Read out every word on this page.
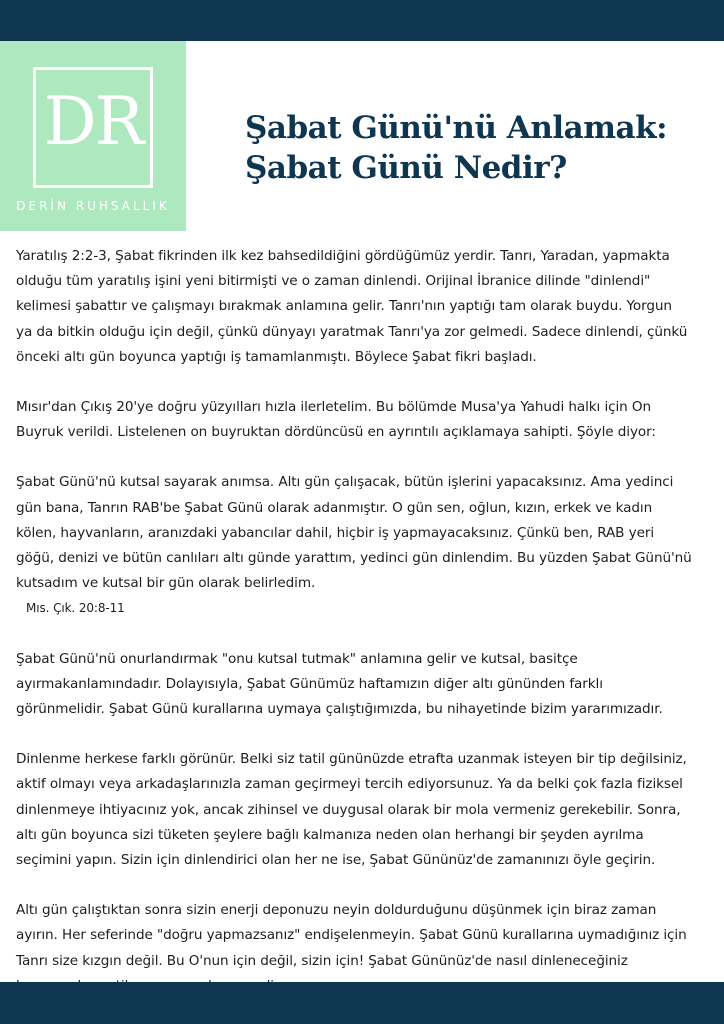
DR
DERİN RUHSALLIK
Şabat Günü'nü Anlamak:
Şabat Günü Nedir?

Yaratılış 2:2-3, Şabat fikrinden ilk kez bahsedildiğini gördüğümüz yerdir. Tanrı, Yaradan, yapmakta
olduğu tüm yaratılış işini yeni bitirmişti ve o zaman dinlendi. Orijinal İbranice dilinde "dinlendi"
kelimesi şabattır ve çalışmayı bırakmak anlamına gelir. Tanrı'nın yaptığı tam olarak buydu. Yorgun
ya da bitkin olduğu için değil, çünkü dünyayı yaratmak Tanrı'ya zor gelmedi. Sadece dinlendi, çünkü
önceki altı gün boyunca yaptığı iş tamamlanmıştı. Böylece Şabat fikri başladı.

Mısır'dan Çıkış 20'ye doğru yüzyılları hızla ilerletelim. Bu bölümde Musa'ya Yahudi halkı için On
Buyruk verildi. Listelenen on buyruktan dördüncüsü en ayrıntılı açıklamaya sahipti. Şöyle diyor:

Şabat Günü'nü kutsal sayarak anımsa. Altı gün çalışacak, bütün işlerini yapacaksınız. Ama yedinci
gün bana, Tanrın RAB'be Şabat Günü olarak adanmıştır. O gün sen, oğlun, kızın, erkek ve kadın
kölen, hayvanların, aranızdaki yabancılar dahil, hiçbir iş yapmayacaksınız. Çünkü ben, RAB yeri
göğü, denizi ve bütün canlıları altı günde yarattım, yedinci gün dinlendim. Bu yüzden Şabat Günü'nü
kutsadım ve kutsal bir gün olarak belirledim.
Mıs. Çık. 20:8-11

Şabat Günü'nü onurlandırmak "onu kutsal tutmak" anlamına gelir ve kutsal, basitçe
ayırmakanlamındadır. Dolayısıyla, Şabat Günümüz haftamızın diğer altı gününden farklı
görünmelidir. Şabat Günü kurallarına uymaya çalıştığımızda, bu nihayetinde bizim yararımızadır.

Dinlenme herkese farklı görünür. Belki siz tatil gününüzde etrafta uzanmak isteyen bir tip değilsiniz,
aktif olmayı veya arkadaşlarınızla zaman geçirmeyi tercih ediyorsunuz. Ya da belki çok fazla fiziksel
dinlenmeye ihtiyacınız yok, ancak zihinsel ve duygusal olarak bir mola vermeniz gerekebilir. Sonra,
altı gün boyunca sizi tüketen şeylere bağlı kalmanıza neden olan herhangi bir şeyden ayrılma
seçimini yapın. Sizin için dinlendirici olan her ne ise, Şabat Gününüz'de zamanınızı öyle geçirin.

Altı gün çalıştıktan sonra sizin enerji deponuzu neyin doldurduğunu düşünmek için biraz zaman
ayırın. Her seferinde "doğru yapmazsanız" endişelenmeyin. Şabat Günü kurallarına uymadığınız için
Tanrı size kızgın değil. Bu O'nun için değil, sizin için! Şabat Gününüz'de nasıl dinleneceğiniz
